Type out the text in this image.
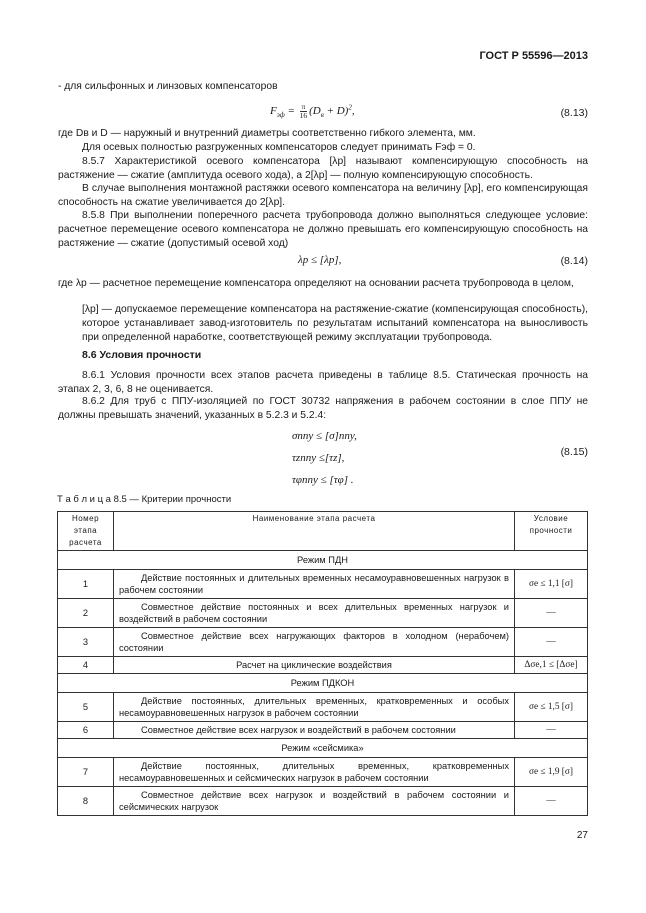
ГОСТ Р 55596—2013
- для сильфонных и линзовых компенсаторов
$F_{эф} = \frac{\pi}{16} (D_в + D)^2$,	(8.13)
где Dв и D — наружный и внутренний диаметры соответственно гибкого элемента, мм.
Для осевых полностью разгруженных компенсаторов следует принимать Fэф = 0.
8.5.7 Характеристикой осевого компенсатора [λр] называют компенсирующую способность на растяжение — сжатие (амплитуда осевого хода), а 2[λр] — полную компенсирующую способность.
В случае выполнения монтажной растяжки осевого компенсатора на величину [λр], его компенсирующая способность на сжатие увеличивается до 2[λр].
8.5.8 При выполнении поперечного расчета трубопровода должно выполняться следующее условие: расчетное перемещение осевого компенсатора не должно превышать его компенсирующую способность на растяжение — сжатие (допустимый осевой ход)
λр ≤ [λр],	(8.14)
где λр — расчетное перемещение компенсатора определяют на основании расчета трубопровода в целом,
[λр] — допускаемое перемещение компенсатора на растяжение-сжатие (компенсирующая способность), которое устанавливает завод-изготовитель по результатам испытаний компенсатора на выносливость при определенной наработке, соответствующей режиму эксплуатации трубопровода.
8.6 Условия прочности
8.6.1 Условия прочности всех этапов расчета приведены в таблице 8.5. Статическая прочность на этапах 2, 3, 6, 8 не оценивается.
8.6.2 Для труб с ППУ-изоляцией по ГОСТ 30732 напряжения в рабочем состоянии в слое ППУ не должны превышать значений, указанных в 5.2.3 и 5.2.4:
σппу ≤ [σ]ппу,
τzппу ≤[τz],
τφппу ≤ [τφ] .
(8.15)
Т а б л и ц а 8.5 — Критерии прочности
Номер этапа расчета	Наименование этапа расчета	Условие прочности
Режим ПДН		
1	Действие постоянных и длительных временных несамоуравновешенных нагрузок в рабочем состоянии	σe ≤ 1,1 [σ]
2	Совместное действие постоянных и всех длительных временных нагрузок и воздействий в рабочем состоянии	—
3	Совместное действие всех нагружающих факторов в холодном (нерабочем) состоянии	—
4	Расчет на циклические воздействия	Δσe,1 ≤ [Δσe]
Режим ПДКОН		
5	Действие постоянных, длительных временных, кратковременных и особых несамоуравновешенных нагрузок в рабочем состоянии	σe ≤ 1,5 [σ]
6	Совместное действие всех нагрузок и воздействий в рабочем состоянии	—
Режим «сейсмика»		
7	Действие постоянных, длительных временных, кратковременных несамоуравновешенных и сейсмических нагрузок в рабочем состоянии	σe ≤ 1,9 [σ]
8	Совместное действие всех нагрузок и воздействий в рабочем состоянии и сейсмических нагрузок	—
27
